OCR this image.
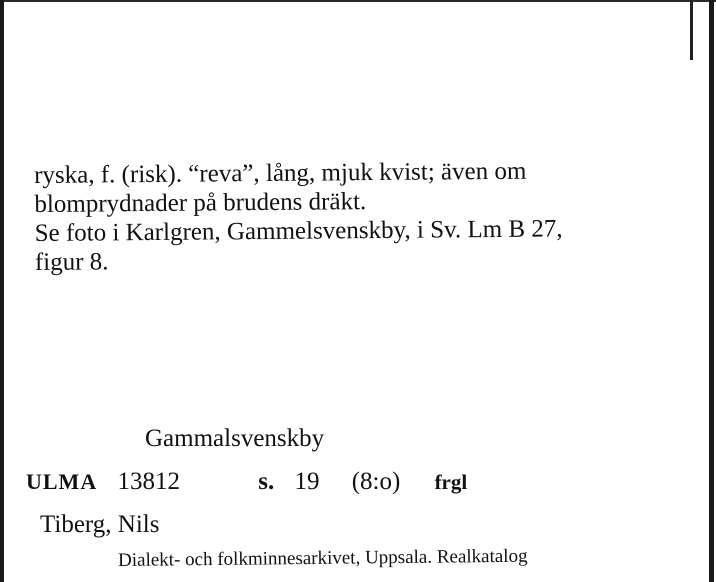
ryska, f. (risk). “reva”, lång, mjuk kvist; även om
blomprydnader på brudens dräkt.
Se foto i Karlgren, Gammelsvenskby, i Sv. Lm B 27,
figur 8.
Gammalsvenskby
ULMA 13812	s. 19 (8:o) frgl
Tiberg, Nils
Dialekt- och folkminnesarkivet, Uppsala. Realkatalog
